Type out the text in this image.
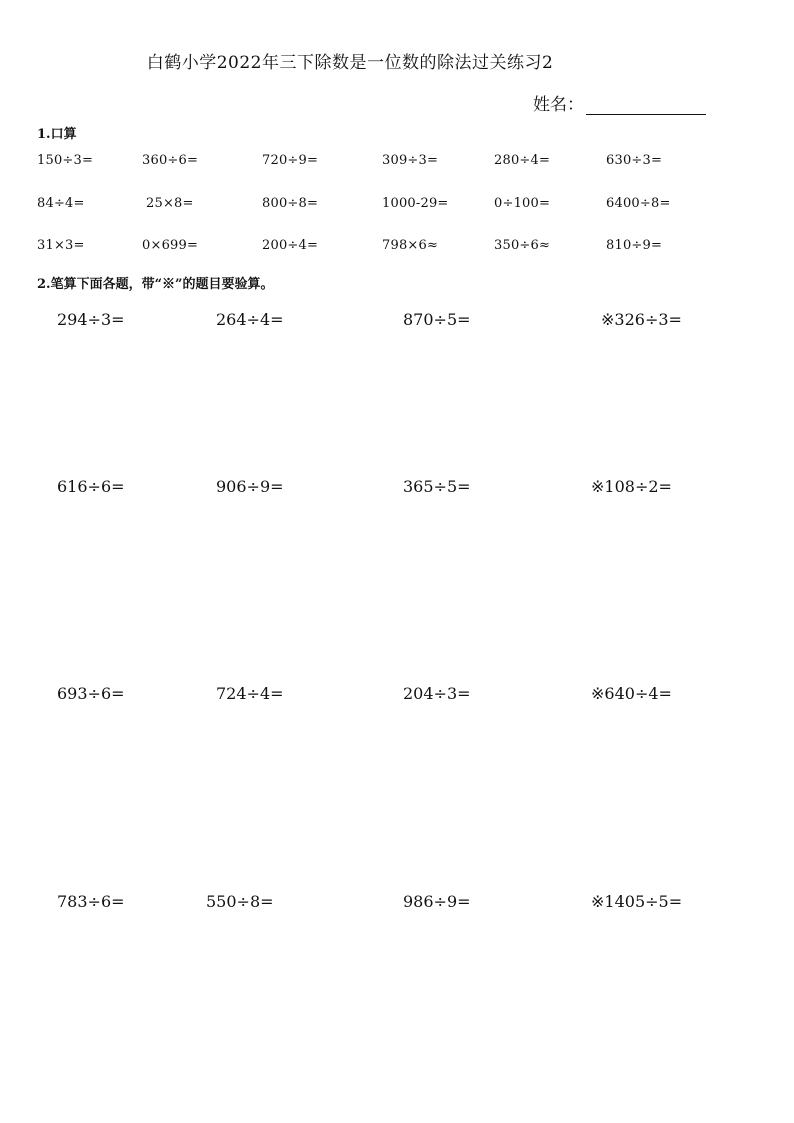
白鹤小学2022年三下除数是一位数的除法过关练习2
姓名：
1.口算
150÷3=	360÷6=	720÷9=	309÷3=	280÷4=	630÷3=
84÷4=	25×8=	800÷8=	1000-29=	0÷100=	6400÷8=
31×3=	0×699=	200÷4=	798×6≈	350÷6≈	810÷9=
2.笔算下面各题，带“※”的题目要验算。
294÷3=	264÷4=	870÷5=	※326÷3=
616÷6=	906÷9=	365÷5=	※108÷2=
693÷6=	724÷4=	204÷3=	※640÷4=
783÷6=	550÷8=	986÷9=	※1405÷5=
